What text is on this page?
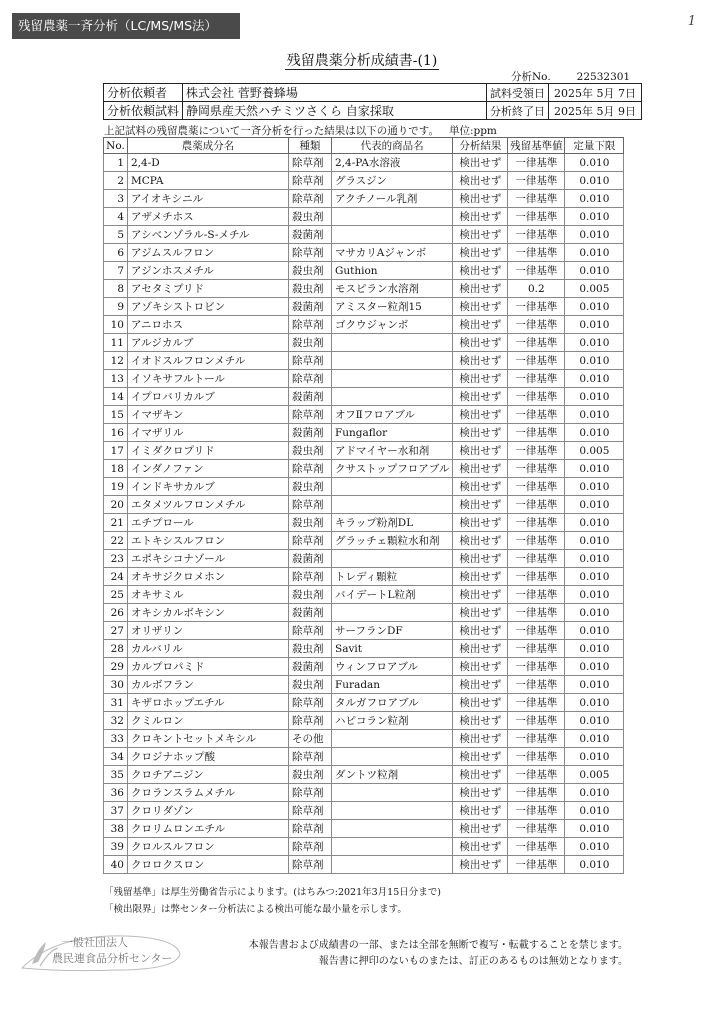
残留農薬一斉分析（LC/MS/MS法）	1
残留農薬分析成績書-(1)
分析No. 22532301
分析依頼者	株式会社 菅野養蜂場	試料受領日	2025年 5月 7日
分析依頼試料	静岡県産天然ハチミツさくら 自家採取	分析終了日	2025年 5月 9日
上記試料の残留農薬について一斉分析を行った結果は以下の通りです。 単位:ppm
No.	農薬成分名	種類	代表的商品名	分析結果	残留基準値	定量下限
1	2,4-D	除草剤	2,4-PA水溶液	検出せず	一律基準	0.010
2	MCPA	除草剤	グラスジン	検出せず	一律基準	0.010
3	アイオキシニル	除草剤	アクチノール乳剤	検出せず	一律基準	0.010
4	アザメチホス	殺虫剤		検出せず	一律基準	0.010
5	アシベンゾラル-S-メチル	殺菌剤		検出せず	一律基準	0.010
6	アジムスルフロン	除草剤	マサカリAジャンボ	検出せず	一律基準	0.010
7	アジンホスメチル	殺虫剤	Guthion	検出せず	一律基準	0.010
8	アセタミプリド	殺虫剤	モスピラン水溶剤	検出せず	0.2	0.005
9	アゾキシストロビン	殺菌剤	アミスター粒剤15	検出せず	一律基準	0.010
10	アニロホス	除草剤	ゴクウジャンボ	検出せず	一律基準	0.010
11	アルジカルブ	殺虫剤		検出せず	一律基準	0.010
12	イオドスルフロンメチル	除草剤		検出せず	一律基準	0.010
13	イソキサフルトール	除草剤		検出せず	一律基準	0.010
14	イプロバリカルブ	殺菌剤		検出せず	一律基準	0.010
15	イマザキン	除草剤	オフⅡフロアブル	検出せず	一律基準	0.010
16	イマザリル	殺菌剤	Fungaflor	検出せず	一律基準	0.010
17	イミダクロプリド	殺虫剤	アドマイヤー水和剤	検出せず	一律基準	0.005
18	インダノファン	除草剤	クサストップフロアブル	検出せず	一律基準	0.010
19	インドキサカルブ	殺虫剤		検出せず	一律基準	0.010
20	エタメツルフロンメチル	除草剤		検出せず	一律基準	0.010
21	エチプロール	殺虫剤	キラップ粉剤DL	検出せず	一律基準	0.010
22	エトキシスルフロン	除草剤	グラッチェ顆粒水和剤	検出せず	一律基準	0.010
23	エポキシコナゾール	殺菌剤		検出せず	一律基準	0.010
24	オキサジクロメホン	除草剤	トレディ顆粒	検出せず	一律基準	0.010
25	オキサミル	殺虫剤	バイデートL粒剤	検出せず	一律基準	0.010
26	オキシカルボキシン	殺菌剤		検出せず	一律基準	0.010
27	オリザリン	除草剤	サーフランDF	検出せず	一律基準	0.010
28	カルバリル	殺虫剤	Savit	検出せず	一律基準	0.010
29	カルプロパミド	殺菌剤	ウィンフロアブル	検出せず	一律基準	0.010
30	カルボフラン	殺虫剤	Furadan	検出せず	一律基準	0.010
31	キザロホップエチル	除草剤	タルガフロアブル	検出せず	一律基準	0.010
32	クミルロン	除草剤	ハピコラン粒剤	検出せず	一律基準	0.010
33	クロキントセットメキシル	その他		検出せず	一律基準	0.010
34	クロジナホップ酸	除草剤		検出せず	一律基準	0.010
35	クロチアニジン	殺虫剤	ダントツ粒剤	検出せず	一律基準	0.005
36	クロランスラムメチル	除草剤		検出せず	一律基準	0.010
37	クロリダゾン	除草剤		検出せず	一律基準	0.010
38	クロリムロンエチル	除草剤		検出せず	一律基準	0.010
39	クロルスルフロン	除草剤		検出せず	一律基準	0.010
40	クロロクスロン	除草剤		検出せず	一律基準	0.010
「残留基準」は厚生労働省告示によります。(はちみつ:2021年3月15日分まで)
「検出限界」は弊センター分析法による検出可能な最小量を示します。
一般社団法人
農民連食品分析センター
本報告書および成績書の一部、または全部を無断で複写・転載することを禁じます。
報告書に押印のないものまたは、訂正のあるものは無効となります。
